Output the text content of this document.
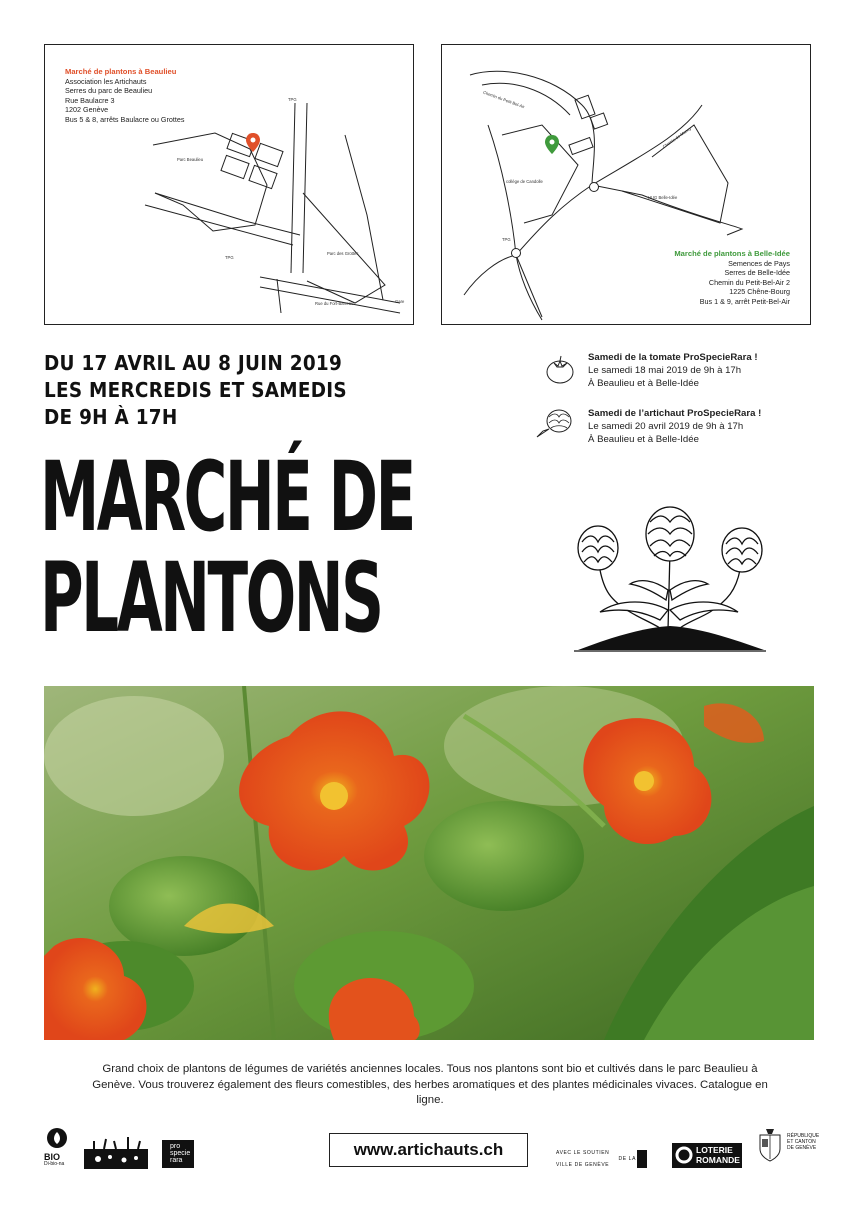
Marché de plantons à Beaulieu
Association les Artichauts
Serres du parc de Beaulieu
Rue Baulacre 3
1202 Genève
Bus 5 & 8, arrêts Baulacre ou Grottes
Parc Beaulieu
Parc des Grottes
TPG
TPG
Rue du Fort-Barreau	Gare
collège de Candolle
HUG Belle-Idée
Chemin du Petit-Bel-Air
Chemin de Mancy
TPG
Marché de plantons à Belle-Idée
Semences de Pays
Serres de Belle-Idée
Chemin du Petit-Bel-Air 2
1225 Chêne-Bourg
Bus 1 & 9, arrêt Petit-Bel-Air
DU 17 AVRIL AU 8 JUIN 2019
LES MERCREDIS ET SAMEDIS
DE 9H À 17H
Samedi de la tomate ProSpecieRara !
Le samedi 18 mai 2019 de 9h à 17h
À Beaulieu et à Belle-Idée
Samedi de l’artichaut ProSpecieRara !
Le samedi 20 avril 2019 de 9h à 17h
À Beaulieu et à Belle-Idée
MARCHÉ DE
PLANTONS
Grand choix de plantons de légumes de variétés anciennes locales. Tous nos plantons sont bio et cultivés dans le parc Beaulieu à Genève. Vous trouverez également des fleurs comestibles, des herbes aromatiques et des plantes médicinales vivaces. Catalogue en ligne.
BIO
Di-bio-na
pro
specie
rara
www.artichauts.ch	AVEC LE SOUTIEN
DE LA
VILLE DE GENÈVE
LOTERIE
ROMANDE
RÉPUBLIQUE
ET CANTON
DE GENÈVE
